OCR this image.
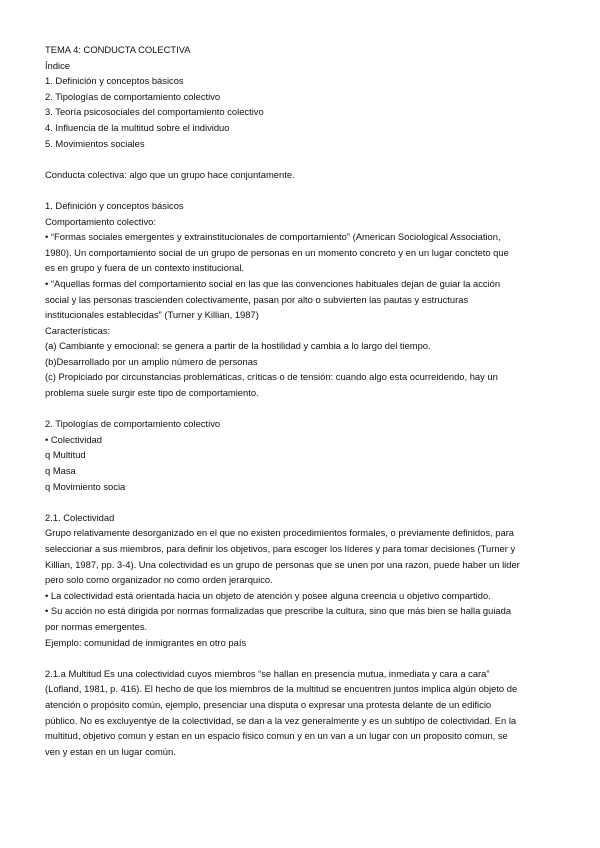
TEMA 4: CONDUCTA COLECTIVA
Índice
1. Definición y conceptos básicos
2. Tipologías de comportamiento colectivo
3. Teoría psicosociales del comportamiento colectivo
4. Influencia de la multitud sobre el individuo
5. Movimientos sociales
Conducta colectiva: algo que un grupo hace conjuntamente.
1. Definición y conceptos básicos
Comportamiento colectivo:
• “Formas sociales emergentes y extrainstitucionales de comportamiento” (American Sociological Association,
1980). Un comportamiento social de un grupo de personas en un momento concreto y en un lugar concteto que
es en grupo y fuera de un contexto institucional.
• “Aquellas formas del comportamiento social en las que las convenciones habituales dejan de guiar la acción
social y las personas trascienden colectivamente, pasan por alto o subvierten las pautas y estructuras
institucionales establecidas” (Turner y Killian, 1987)
Características:
(a) Cambiante y emocional: se genera a partir de la hostilidad y cambia a lo largo del tiempo.
(b)Desarrollado por un amplio número de personas
(c) Propiciado por circunstancias problemáticas, críticas o de tensión: cuando algo esta ocurreidendo, hay un
problema suele surgir este tipo de comportamiento.
2. Tipologías de comportamiento colectivo
• Colectividad
q Multitud
q Masa
q Movimiento socia
2.1. Colectividad
Grupo relativamente desorganizado en el que no existen procedimientos formales, o previamente definidos, para
seleccionar a sus miembros, para definir los objetivos, para escoger los líderes y para tomar decisiones (Turner y
Killian, 1987, pp. 3-4). Una colectividad es un grupo de personas que se unen por una razon, puede haber un lider
pero solo como organizador no como orden jerarquico.
• La colectividad está orientada hacia un objeto de atención y posee alguna creencia u objetivo compartido.
• Su acción no está dirigida por normas formalizadas que prescribe la cultura, sino que más bien se halla guiada
por normas emergentes.
Ejemplo: comunidad de inmigrantes en otro país
2.1.a Multitud Es una colectividad cuyos miembros “se hallan en presencia mutua, inmediata y cara a cara”
(Lofland, 1981, p. 416). El hecho de que los miembros de la multitud se encuentren juntos implica algún objeto de
atención o propósito común, ejemplo, presenciar una disputa o expresar una protesta delante de un edificio
público. No es excluyentye de la colectividad, se dan a la vez generalmente y es un subtipo de colectividad. En la
multitud, objetivo comun y estan en un espacio fisico comun y en un van a un lugar con un proposito comun, se
ven y estan en un lugar común.
